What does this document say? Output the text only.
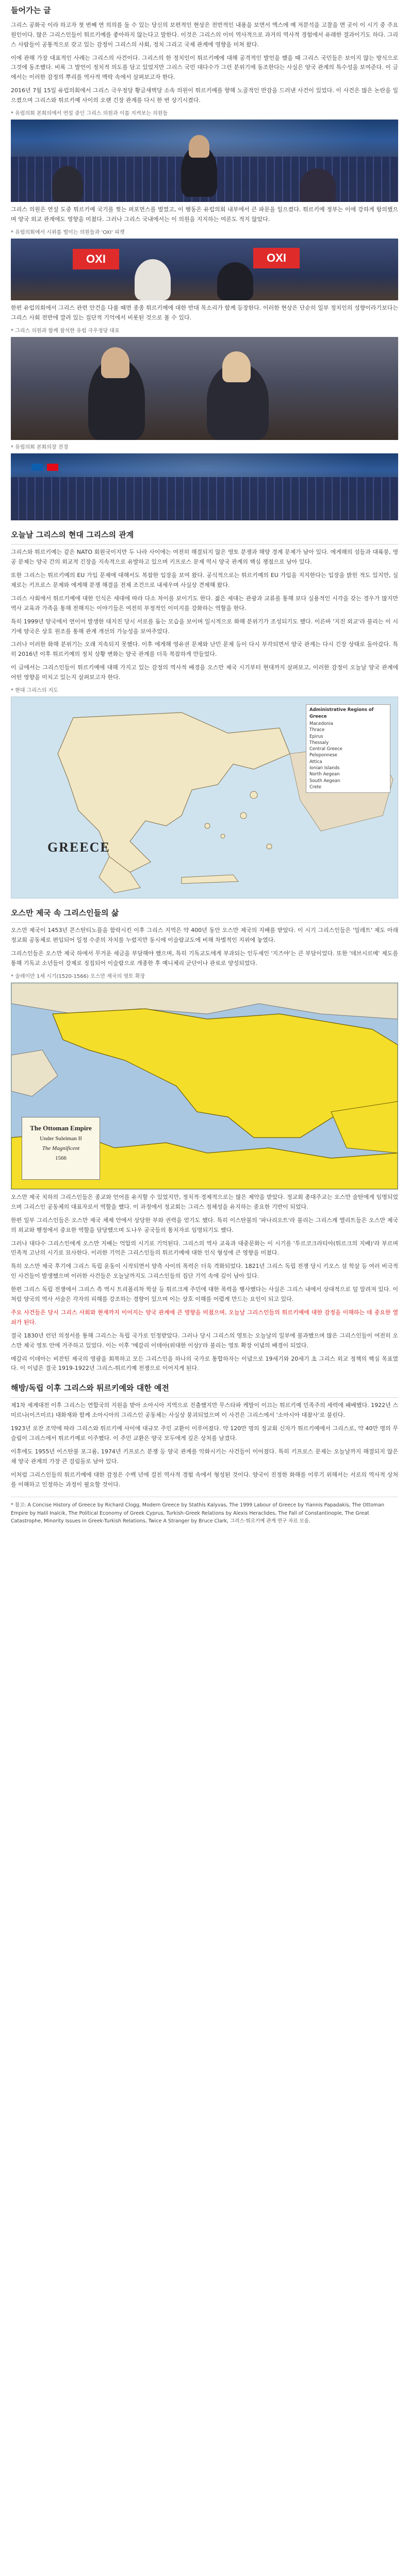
들어가는 글

그리스 공화국 이라 하고자 첫 번째 연 의의를 둘 수 있는 당신의 보편적인 현상은 전반적인 내용을 보면서 엑스에 예 저분석을 고찰을 면 곳이 이 시기 중 주요 원인이다. 많은 그리스인들이 튀르키예를 좋아하지 않는다고 말한다. 이것은 그리스의 이미 역사적으로 과거의 역사적 경험에서 유래한 결과이기도 하다. 그리스 사람들이 공통적으로 갖고 있는 감정이 그리스의 사회, 정치 그리고 국제 관계에 영향을 미쳐 왔다.

이에 관해 가장 대표적인 사례는 그리스의 사건이다. 그리스의 한 정치인이 튀르키예에 대해 공격적인 발언을 했을 때 그리스 국민들은 보이지 않는 방식으로 그것에 동조했다. 비록 그 발언이 정치적 의도를 담고 있었지만 그리스 국민 대다수가 그런 분위기에 동조한다는 사실은 양국 관계의 특수성을 보여준다. 이 글에서는 이러한 감정의 뿌리를 역사적 맥락 속에서 살펴보고자 한다.

2016년 7월 15일 유럽의회에서 그리스 극우정당 황금새벽당 소속 의원이 튀르키예를 향해 노골적인 반감을 드러낸 사건이 있었다. 이 사건은 많은 논란을 일으켰으며 그리스와 튀르키예 사이의 오랜 긴장 관계를 다시 한 번 상기시켰다.

* 유럽의회 본회의에서 연설 중인 그리스 의원과 이를 지켜보는 의원들

그리스 의원은 연설 도중 튀르키예 국기를 찢는 퍼포먼스를 벌였고, 이 행동은 유럽의회 내부에서 큰 파문을 일으켰다. 튀르키예 정부는 이에 강하게 항의했으며 양국 외교 관계에도 영향을 미쳤다. 그러나 그리스 국내에서는 이 의원을 지지하는 여론도 적지 않았다.

* 유럽의회에서 시위를 벌이는 의원들과 'OXI' 피켓
OXI	OXI

한편 유럽의회에서 그리스 관련 안건을 다룰 때면 종종 튀르키예에 대한 반대 목소리가 함께 등장한다. 이러한 현상은 단순히 일부 정치인의 성향이라기보다는 그리스 사회 전반에 깔려 있는 집단적 기억에서 비롯된 것으로 볼 수 있다.

* 그리스 의원과 함께 참석한 유럽 극우정당 대표
* 유럽의회 본회의장 전경
오늘날 그리스의 현대 그리스의 관계

그리스와 튀르키예는 같은 NATO 회원국이지만 두 나라 사이에는 여전히 해결되지 않은 영토 분쟁과 해양 경계 문제가 남아 있다. 에게해의 섬들과 대륙붕, 영공 문제는 양국 간의 외교적 긴장을 지속적으로 유발하고 있으며 키프로스 문제 역시 양국 관계의 핵심 쟁점으로 남아 있다.

또한 그리스는 튀르키예의 EU 가입 문제에 대해서도 복잡한 입장을 보여 왔다. 공식적으로는 튀르키예의 EU 가입을 지지한다는 입장을 밝힌 적도 있지만, 실제로는 키프로스 문제와 에게해 분쟁 해결을 전제 조건으로 내세우며 사실상 견제해 왔다.

그리스 사회에서 튀르키예에 대한 인식은 세대에 따라 다소 차이를 보이기도 한다. 젊은 세대는 관광과 교류를 통해 보다 실용적인 시각을 갖는 경우가 많지만 역사 교육과 가족을 통해 전해지는 이야기들은 여전히 부정적인 이미지를 강화하는 역할을 한다.

특히 1999년 양국에서 연이어 발생한 대지진 당시 서로를 돕는 모습을 보이며 일시적으로 화해 분위기가 조성되기도 했다. 이른바 '지진 외교'라 불리는 이 시기에 양국은 상호 원조를 통해 관계 개선의 가능성을 보여주었다.

그러나 이러한 화해 분위기는 오래 지속되지 못했다. 이후 에게해 영유권 문제와 난민 문제 등이 다시 부각되면서 양국 관계는 다시 긴장 상태로 돌아갔다. 특히 2016년 이후 튀르키예의 정치 상황 변화는 양국 관계를 더욱 복잡하게 만들었다.

이 글에서는 그리스인들이 튀르키예에 대해 가지고 있는 감정의 역사적 배경을 오스만 제국 시기부터 현대까지 살펴보고, 이러한 감정이 오늘날 양국 관계에 어떤 영향을 미치고 있는지 살펴보고자 한다.

* 현대 그리스의 지도
GREECE
Administrative Regions of Greece
Macedonia
Thrace
Epirus
Thessaly
Central Greece
Peloponnese
Attica
Ionian Islands
North Aegean
South Aegean
Crete
오스만 제국 속 그리스인들의 삶

오스만 제국이 1453년 콘스탄티노플을 함락시킨 이후 그리스 지역은 약 400년 동안 오스만 제국의 지배를 받았다. 이 시기 그리스인들은 '밀레트' 제도 아래 정교회 공동체로 편입되어 일정 수준의 자치를 누렸지만 동시에 이슬람교도에 비해 차별적인 지위에 놓였다.

그리스인들은 오스만 제국 하에서 무거운 세금을 부담해야 했으며, 특히 기독교도에게 부과되는 인두세인 '지즈야'는 큰 부담이었다. 또한 '데브시르메' 제도를 통해 기독교 소년들이 강제로 징집되어 이슬람으로 개종한 후 예니체리 군단이나 관료로 양성되었다.

* 술레이만 1세 시기(1520-1566) 오스만 제국의 영토 확장
The Ottoman Empire
Under Suleiman II
The Magnificent
1566

오스만 제국 치하의 그리스인들은 종교와 언어를 유지할 수 있었지만, 정치적·경제적으로는 많은 제약을 받았다. 정교회 총대주교는 오스만 술탄에게 임명되었으며 그리스인 공동체의 대표자로서 역할을 했다. 이 과정에서 정교회는 그리스 정체성을 유지하는 중요한 기반이 되었다.

한편 일부 그리스인들은 오스만 제국 체제 안에서 상당한 부와 권력을 얻기도 했다. 특히 이스탄불의 '파나리오트'라 불리는 그리스계 엘리트들은 오스만 제국의 외교와 행정에서 중요한 역할을 담당했으며 도나우 공국들의 통치자로 임명되기도 했다.

그러나 대다수 그리스인에게 오스만 지배는 억압의 시기로 기억된다. 그리스의 역사 교육과 대중문화는 이 시기를 '투르코크라티아(튀르크의 지배)'라 부르며 민족적 고난의 시기로 묘사한다. 이러한 기억은 그리스인들의 튀르키예에 대한 인식 형성에 큰 영향을 미쳤다.

특히 오스만 제국 후기에 그리스 독립 운동이 시작되면서 양측 사이의 폭력은 더욱 격화되었다. 1821년 그리스 독립 전쟁 당시 키오스 섬 학살 등 여러 비극적인 사건들이 발생했으며 이러한 사건들은 오늘날까지도 그리스인들의 집단 기억 속에 깊이 남아 있다.

한편 그리스 독립 전쟁에서 그리스 측 역시 트리폴리차 학살 등 튀르크계 주민에 대한 폭력을 행사했다는 사실은 그리스 내에서 상대적으로 덜 알려져 있다. 이처럼 양국의 역사 서술은 각자의 피해를 강조하는 경향이 있으며 이는 상호 이해를 어렵게 만드는 요인이 되고 있다.

주요 사건들은 당시 그리스 사회와 현재까지 이어지는 양국 관계에 큰 영향을 미쳤으며, 오늘날 그리스인들의 튀르키예에 대한 감정을 이해하는 데 중요한 열쇠가 된다.

결국 1830년 런던 의정서를 통해 그리스는 독립 국가로 인정받았다. 그러나 당시 그리스의 영토는 오늘날의 일부에 불과했으며 많은 그리스인들이 여전히 오스만 제국 영토 안에 거주하고 있었다. 이는 이후 '메갈리 이데아(위대한 이상)'라 불리는 영토 확장 이념의 배경이 되었다.

메갈리 이데아는 비잔틴 제국의 영광을 회복하고 모든 그리스인을 하나의 국가로 통합하자는 이념으로 19세기와 20세기 초 그리스 외교 정책의 핵심 목표였다. 이 이념은 결국 1919-1922년 그리스-튀르키예 전쟁으로 이어지게 된다.

해방/독립 이후 그리스와 튀르키예와 대한 예전

제1차 세계대전 이후 그리스는 연합국의 지원을 받아 소아시아 지역으로 진출했지만 무스타파 케말이 이끄는 튀르키예 민족주의 세력에 패배했다. 1922년 스미르나(이즈미르) 대화재와 함께 소아시아의 그리스인 공동체는 사실상 붕괴되었으며 이 사건은 그리스에서 '소아시아 대참사'로 불린다.

1923년 로잔 조약에 따라 그리스와 튀르키예 사이에 대규모 주민 교환이 이루어졌다. 약 120만 명의 정교회 신자가 튀르키예에서 그리스로, 약 40만 명의 무슬림이 그리스에서 튀르키예로 이주했다. 이 주민 교환은 양국 모두에게 깊은 상처를 남겼다.

이후에도 1955년 이스탄불 포그롬, 1974년 키프로스 분쟁 등 양국 관계를 악화시키는 사건들이 이어졌다. 특히 키프로스 문제는 오늘날까지 해결되지 않은 채 양국 관계의 가장 큰 걸림돌로 남아 있다.

이처럼 그리스인들의 튀르키예에 대한 감정은 수백 년에 걸친 역사적 경험 속에서 형성된 것이다. 양국이 진정한 화해를 이루기 위해서는 서로의 역사적 상처를 이해하고 인정하는 과정이 필요할 것이다.

* 참고: A Concise History of Greece by Richard Clogg, Modern Greece by Stathis Kalyvas, The 1999 Labour of Greece by Yiannis Papadakis, The Ottoman Empire by Halil Inalcik, The Political Economy of Greek Cyprus, Turkish-Greek Relations by Alexis Heraclides, The Fall of Constantinople, The Great Catastrophe, Minority Issues in Greek-Turkish Relations, Twice A Stranger by Bruce Clark, 그리스·튀르키예 관계 연구 자료 모음.
